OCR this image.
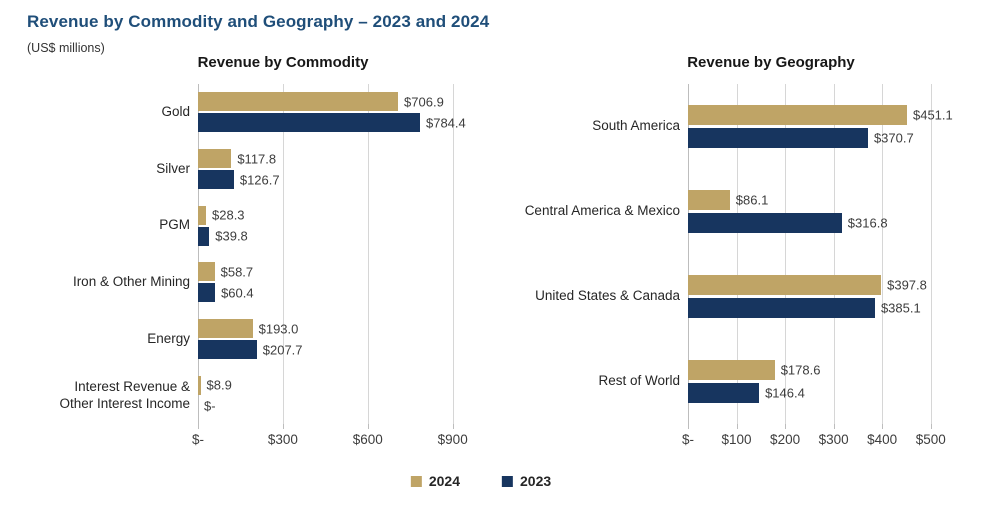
Revenue by Commodity and Geography – 2023 and 2024
(US$ millions)
Revenue by Commodity
Gold
Silver
PGM
Iron & Other Mining
Energy
Interest Revenue & Other Interest Income
$706.9
$784.4
$117.8
$126.7
$28.3
$39.8
$58.7
$60.4
$193.0
$207.7
$8.9
$-
$-	$300	$600	$900
Revenue by Geography
South America
Central America & Mexico
United States & Canada
Rest of World
$451.1
$370.7
$86.1
$316.8
$397.8
$385.1
$178.6
$146.4
$- $100 $200 $300 $400 $500
2024	2023
